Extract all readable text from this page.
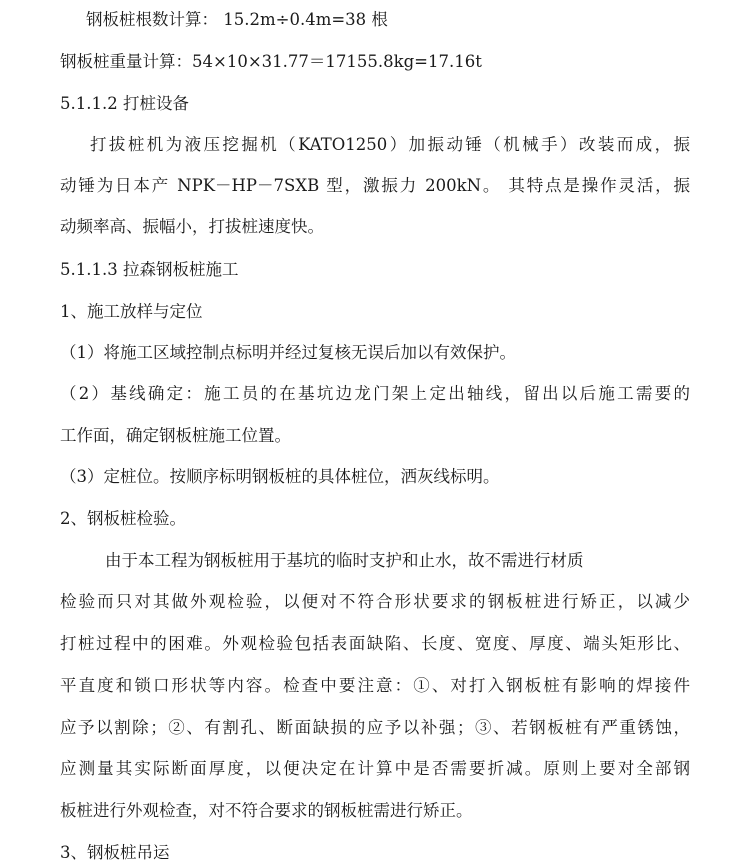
钢板桩根数计算： 15.2m÷0.4m=38 根
钢板桩重量计算：54×10×31.77＝17155.8kg=17.16t
5.1.1.2 打桩设备
打拔桩机为液压挖掘机（KATO1250）加振动锤（机械手）改装而成，振
动锤为日本产 NPK－HP－7SXB 型，激振力 200kN。 其特点是操作灵活，振
动频率高、振幅小，打拔桩速度快。
5.1.1.3 拉森钢板桩施工
1、施工放样与定位
（1）将施工区域控制点标明并经过复核无误后加以有效保护。
（2）基线确定：施工员的在基坑边龙门架上定出轴线，留出以后施工需要的
工作面，确定钢板桩施工位置。
（3）定桩位。按顺序标明钢板桩的具体桩位，洒灰线标明。
2、钢板桩检验。
由于本工程为钢板桩用于基坑的临时支护和止水，故不需进行材质
检验而只对其做外观检验，以便对不符合形状要求的钢板桩进行矫正，以减少
打桩过程中的困难。外观检验包括表面缺陷、长度、宽度、厚度、端头矩形比、
平直度和锁口形状等内容。检查中要注意：①、对打入钢板桩有影响的焊接件
应予以割除；②、有割孔、断面缺损的应予以补强；③、若钢板桩有严重锈蚀，
应测量其实际断面厚度，以便决定在计算中是否需要折减。原则上要对全部钢
板桩进行外观检查，对不符合要求的钢板桩需进行矫正。
3、钢板桩吊运
